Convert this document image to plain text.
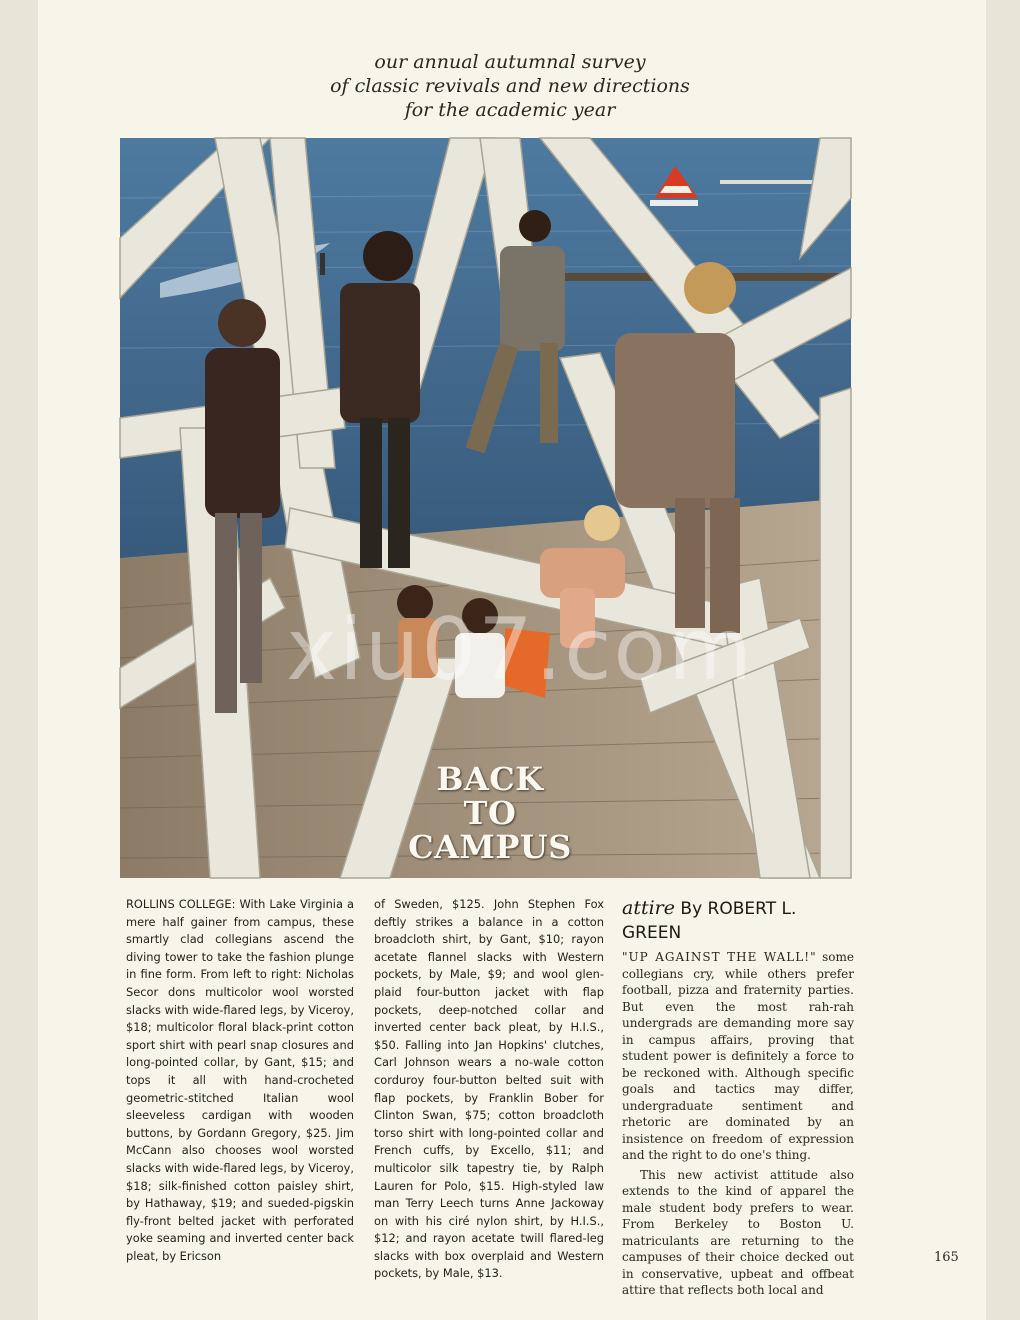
our annual autumnal survey
of classic revivals and new directions
for the academic year
xiu07.com
BACK
TO
CAMPUS
ROLLINS COLLEGE: With Lake Virginia a mere half gainer from campus, these smartly clad collegians ascend the diving tower to take the fashion plunge in fine form. From left to right: Nicholas Secor dons multicolor wool worsted slacks with wide-flared legs, by Viceroy, $18; multicolor floral black-print cotton sport shirt with pearl snap closures and long-pointed collar, by Gant, $15; and tops it all with hand-crocheted geometric-stitched Italian wool sleeveless cardigan with wooden buttons, by Gordann Gregory, $25. Jim McCann also chooses wool worsted slacks with wide-flared legs, by Viceroy, $18; silk-finished cotton paisley shirt, by Hathaway, $19; and sueded-pigskin fly-front belted jacket with perforated yoke seaming and inverted center back pleat, by Ericson
of Sweden, $125. John Stephen Fox deftly strikes a balance in a cotton broadcloth shirt, by Gant, $10; rayon acetate flannel slacks with Western pockets, by Male, $9; and wool glen-plaid four-button jacket with flap pockets, deep-notched collar and inverted center back pleat, by H.I.S., $50. Falling into Jan Hopkins' clutches, Carl Johnson wears a no-wale cotton corduroy four-button belted suit with flap pockets, by Franklin Bober for Clinton Swan, $75; cotton broadcloth torso shirt with long-pointed collar and French cuffs, by Excello, $11; and multicolor silk tapestry tie, by Ralph Lauren for Polo, $15. High-styled law man Terry Leech turns Anne Jackoway on with his ciré nylon shirt, by H.I.S., $12; and rayon acetate twill flared-leg slacks with box overplaid and Western pockets, by Male, $13.
attire By ROBERT L. GREEN

"UP AGAINST THE WALL!" some collegians cry, while others prefer football, pizza and fraternity parties. But even the most rah-rah undergrads are demanding more say in campus affairs, proving that student power is definitely a force to be reckoned with. Although specific goals and tactics may differ, undergraduate sentiment and rhetoric are dominated by an insistence on freedom of expression and the right to do one's thing.

This new activist attitude also extends to the kind of apparel the male student body prefers to wear. From Berkeley to Boston U. matriculants are returning to the campuses of their choice decked out in conservative, upbeat and offbeat attire that reflects both local and

165
